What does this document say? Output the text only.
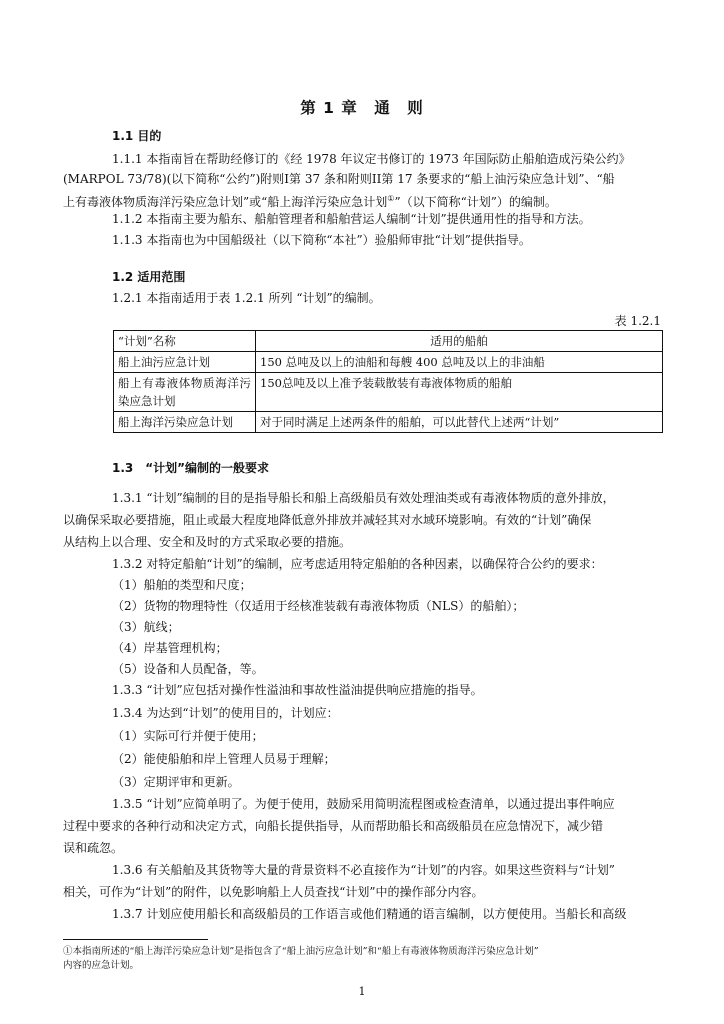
第 1 章　通　则
1.1 目的
1.1.1 本指南旨在帮助经修订的《经 1978 年议定书修订的 1973 年国际防止船舶造成污染公约》
(MARPOL 73/78)(以下简称“公约”)附则I第 37 条和附则II第 17 条要求的“船上油污染应急计划”、“船
上有毒液体物质海洋污染应急计划”或“船上海洋污染应急计划①”（以下简称“计划”）的编制。
1.1.2 本指南主要为船东、船舶管理者和船舶营运人编制“计划”提供通用性的指导和方法。
1.1.3 本指南也为中国船级社（以下简称“本社”）验船师审批“计划”提供指导。
1.2 适用范围
1.2.1 本指南适用于表 1.2.1 所列 “计划”的编制。
表 1.2.1
“计划”名称	适用的船舶
船上油污应急计划	150 总吨及以上的油船和每艘 400 总吨及以上的非油船
船上有毒液体物质海洋污染应急计划	150总吨及以上准予装载散装有毒液体物质的船舶
船上海洋污染应急计划	对于同时满足上述两条件的船舶，可以此替代上述两“计划”
1.3　“计划”编制的一般要求
1.3.1 “计划”编制的目的是指导船长和船上高级船员有效处理油类或有毒液体物质的意外排放，
以确保采取必要措施，阻止或最大程度地降低意外排放并减轻其对水域环境影响。有效的“计划”确保
从结构上以合理、安全和及时的方式采取必要的措施。
1.3.2 对特定船舶“计划”的编制，应考虑适用特定船舶的各种因素，以确保符合公约的要求：
（1）船舶的类型和尺度；
（2）货物的物理特性（仅适用于经核准装载有毒液体物质（NLS）的船舶）；
（3）航线；
（4）岸基管理机构；
（5）设备和人员配备，等。
1.3.3 “计划”应包括对操作性溢油和事故性溢油提供响应措施的指导。
1.3.4 为达到“计划”的使用目的，计划应：
（1）实际可行并便于使用；
（2）能使船舶和岸上管理人员易于理解；
（3）定期评审和更新。
1.3.5 “计划”应简单明了。为便于使用，鼓励采用简明流程图或检查清单，以通过提出事件响应
过程中要求的各种行动和决定方式，向船长提供指导，从而帮助船长和高级船员在应急情况下，减少错
误和疏忽。
1.3.6 有关船舶及其货物等大量的背景资料不必直接作为“计划”的内容。如果这些资料与“计划”
相关，可作为“计划”的附件，以免影响船上人员查找“计划”中的操作部分内容。
1.3.7 计划应使用船长和高级船员的工作语言或他们精通的语言编制，以方便使用。当船长和高级
①本指南所述的“船上海洋污染应急计划”是指包含了“船上油污应急计划”和“船上有毒液体物质海洋污染应急计划”
内容的应急计划。
1
